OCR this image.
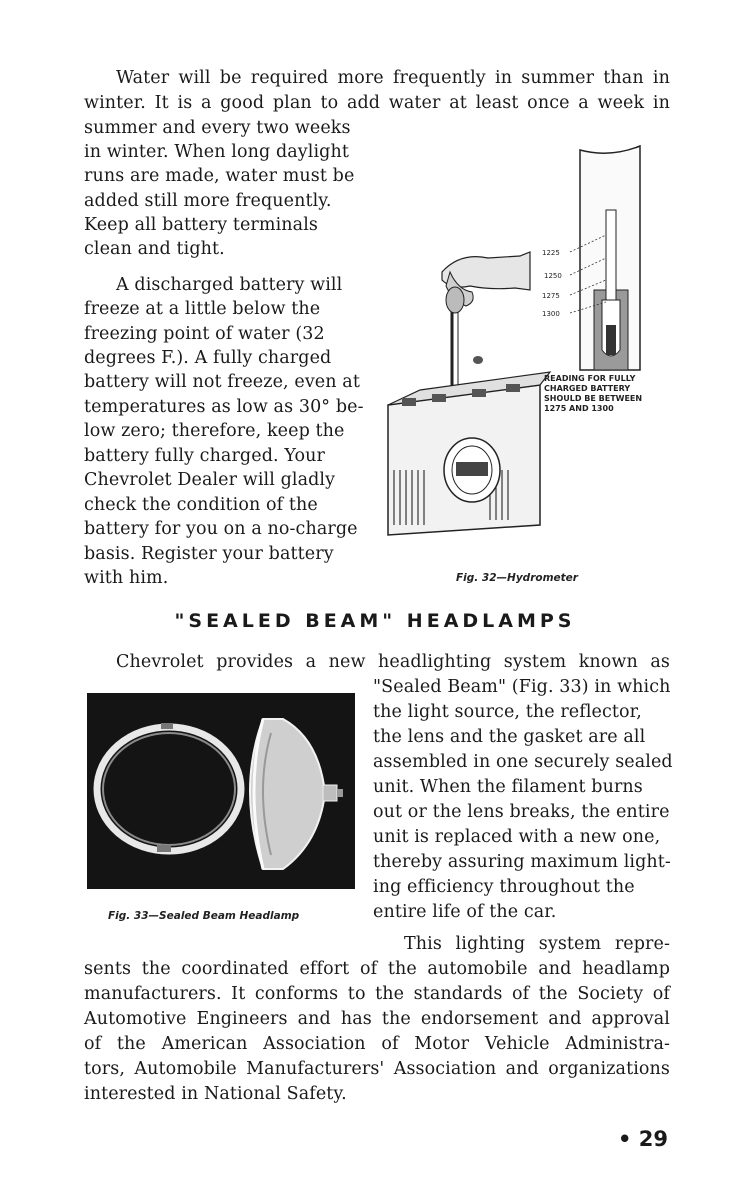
Water will be required more frequently in summer than in
winter. It is a good plan to add water at least once a week in
summer and every two weeks
in winter. When long daylight
runs are made, water must be
added still more frequently.
Keep all battery terminals
clean and tight.
A discharged battery will
freeze at a little below the
freezing point of water (32
degrees F.). A fully charged
battery will not freeze, even at
temperatures as low as 30° be-
low zero; therefore, keep the
battery fully charged. Your
Chevrolet Dealer will gladly
check the condition of the
battery for you on a no-charge
basis. Register your battery
with him.
1225
1250
1275
1300
READING FOR FULLY
CHARGED BATTERY
SHOULD BE BETWEEN
1275 AND 1300
Fig. 32—Hydrometer
"SEALED BEAM" HEADLAMPS
Chevrolet provides a new headlighting system known as
"Sealed Beam" (Fig. 33) in which
the light source, the reflector,
the lens and the gasket are all
assembled in one securely sealed
unit. When the filament burns
out or the lens breaks, the entire
unit is replaced with a new one,
thereby assuring maximum light-
ing efficiency throughout the
entire life of the car.
Fig. 33—Sealed Beam Headlamp
This lighting system repre-
sents the coordinated effort of the automobile and headlamp
manufacturers. It conforms to the standards of the Society of
Automotive Engineers and has the endorsement and approval
of the American Association of Motor Vehicle Administra-
tors, Automobile Manufacturers' Association and organizations
interested in National Safety.
• 29
